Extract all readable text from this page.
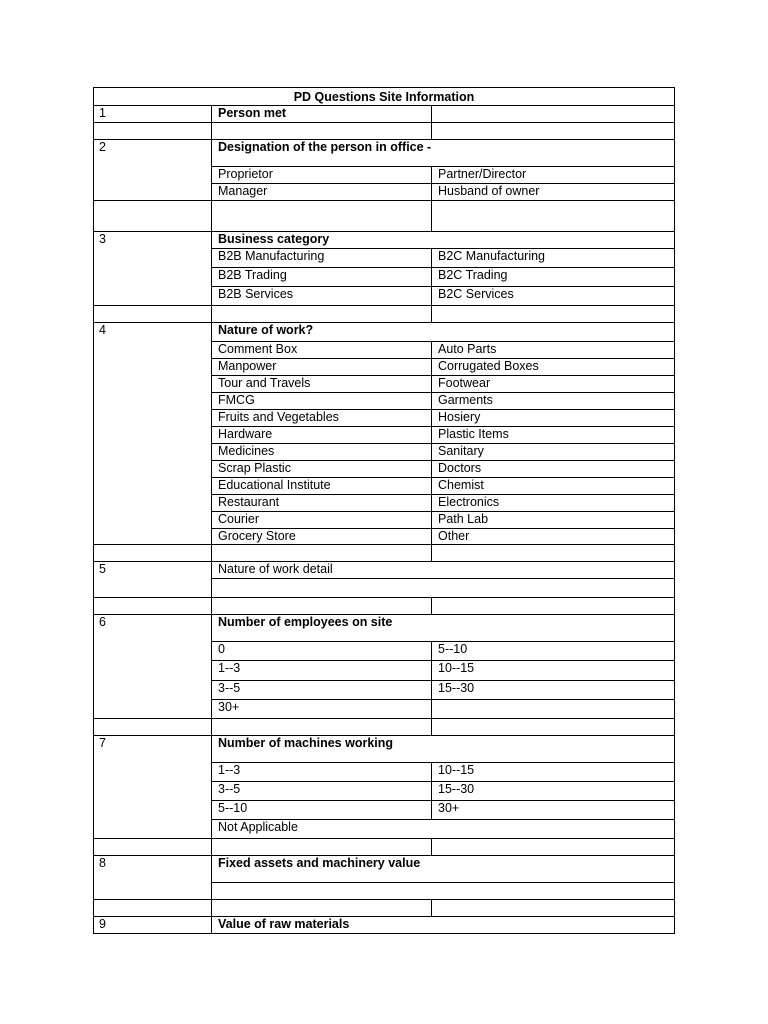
PD Questions Site Information		
1	Person met	

2	Designation of the person in office -	
	Proprietor	Partner/Director
	Manager	Husband of owner

3	Business category	
	B2B Manufacturing	B2C Manufacturing
	B2B Trading	B2C Trading
	B2B Services	B2C Services

4	Nature of work?	
	Comment Box	Auto Parts
	Manpower	Corrugated Boxes
	Tour and Travels	Footwear
	FMCG	Garments
	Fruits and Vegetables	Hosiery
	Hardware	Plastic Items
	Medicines	Sanitary
	Scrap Plastic	Doctors
	Educational Institute	Chemist
	Restaurant	Electronics
	Courier	Path Lab
	Grocery Store	Other

5	Nature of work detail	

6	Number of employees on site	
	0	5--10
	1--3	10--15
	3--5	15--30
	30+	

7	Number of machines working	
	1--3	10--15
	3--5	15--30
	5--10	30+
	Not Applicable	

8	Fixed assets and machinery value	

9	Value of raw materials	
